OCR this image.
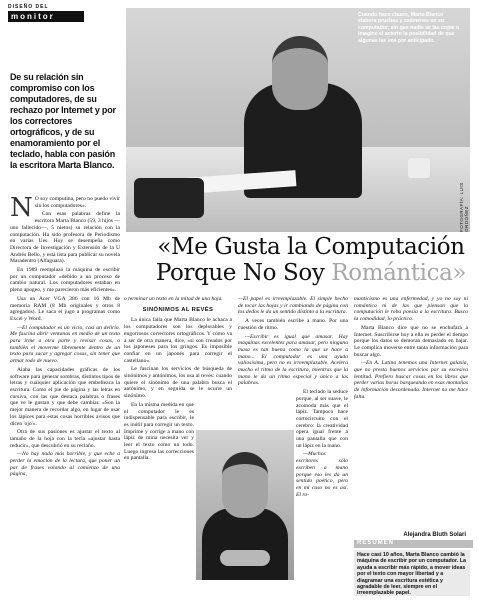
DISEÑO DEL
monitor	Cuando hace clases, Marta Blanco elabora pruebas y exámenes en su computador, sin que nadie se las copie o imagine el acierto la posibilidad de que algunas las vea por anticipado.
FOTOGRAFÍA: LUIS ORDÓÑEZ
De su relación sin compromiso con los computadores, de su rechazo por Internet y por los correctores ortográficos, y de su enamoramiento por el teclado, habla con pasión la escritora Marta Blanco.
«Me Gusta la Computación
Porque No Soy Romántica»

N O soy computina, pero no puedo vivir sin los computadores».

Con esas palabras define la escritora Marta Blanco (59, 3 hijos —uno fallecido—, 5 nietos) su relación con la computación. Ha sido profesora de Periodismo en varias Ues. Hoy se desempeña como Directora de Investigación y Extensión de la U Andrés Bello, y está lista para publicar su novela Maradentro (Alfaguara).

En 1989 reemplazó la máquina de escribir por un computador «debido a un proceso de cambio natural. Los computadores estaban en pleno apogeo, y me parecieron más eficientes».

Usa un Acer VGA 386 con 16 Mb de memoria RAM (8 Mb originales y otros 8 agregados). Le saca el jugo a programas como Excel y Word.

—El computador es un vicio, casi un delirio. Me fascina abrir ventanas en medio de un texto para irme a otra parte y revisar cosas, o también el moverme libremente dentro de un texto para sacar y agregar cosas, sin tener que armar todo de nuevo.

Alaba las capacidades gráficas de los software para generar sombras, distintos tipos de letras y cualquier aplicación que embellezca la escritura. Como el pie de página y las letras en cursiva, con las que destaca palabras o frases que ve le gustan y que debe cambiar. «Son la mejor manera de recordar algo, en lugar de usar los lápices para estas cosas horribles avisos que dicen 'ojo'».

Otra de sus pasiones es ajustar el texto al tamaño de la hoja con la tecla «ajustar hasta reducir», que descubrió en su reclaño.

—No hay nada más horrible, y que eche a perder la emoción de la lectura, que poner un par de frases volando al comienzo de una página,

o terminar un texto en la mitad de una hoja.

SINÓNIMOS AL REVÉS

La única falla que Marta Blanco le achaca a los computadores son los deplorables y engorrosos correctores ortográficos. Y cómo va a ser de otra manera, dice, «si son creados por los japoneses para los gringos. Es imposible confiar en un japonés para corregir el castellano».

Le fascinan los servicios de búsqueda de sinónimos y antónimos, los usa al revés: cuando quiere el sinónimo de una palabra busca el antónimo, y en seguida se le ocurre un sinónimo.

En la misma medida en que el computador le es indispensable para escribir, le es inútil para corregir un texto. Imprime y corrige a mano con lápiz de mina necesita ver y leer el texto como un todo. Luego ingresa las correcciones en pantalla.

—El papel es irreemplazable. El simple hecho de tocar las hojas y ir cambiando de página con los dedos le da un sentido distinto a la escritura.

A veces también escribe a mano. Por una cuestión de ritmo.

—Escribir es igual que amasar. Hay máquinas excelentes para amasar, pero ninguna masa es tan buena como la que se hace a mano... El computador es una ayuda valiosísima, pero no es irreemplazable. Acelera mucho el ritmo de la escritura, mientras que la mano le da un ritmo especial y único a las palabras.

El teclado la seduce porque, al ser suave, le acomoda más que el lápiz. Tampoco hace cortocircuito con el cerebro: la creatividad opera igual frente a una pantalla que con un lápiz en la mano.

—Muchos escritores sólo escriben a mano porque eso les da un sentido poético, pero en mi caso no es así. El ro-

manticismo es una enfermedad, y yo no soy ni romántica ni de las que piensan que la computación le roba poesía a la escritura. Busco la comodidad, lo práctico.

Marta Blanco dice que no se enchufará a Internet. Suscribirse hoy a ella es perder el tiempo porque los datos se demoran demasiado en bajar. Le complica moverse entre tanta información para buscar algo.

—En A. Latina tenemos una Internet galaxia, que no presta buenos servicios por su excesiva lentitud. Prefiero buscar cosas en los libros que perder varias horas barqueando en esas montañas de información desordenada. Internet no me hace falta.

Alejandra Bluth Solari
RESUMEN
Hace casi 10 años, Marta Blanco cambió la máquina de escribir por un computador. La ayuda a escribir más rápido, a mover ideas por el texto con mayor libertad y a diagramar una escritura estética y agradable de leer, siempre en el irreemplazable papel.
